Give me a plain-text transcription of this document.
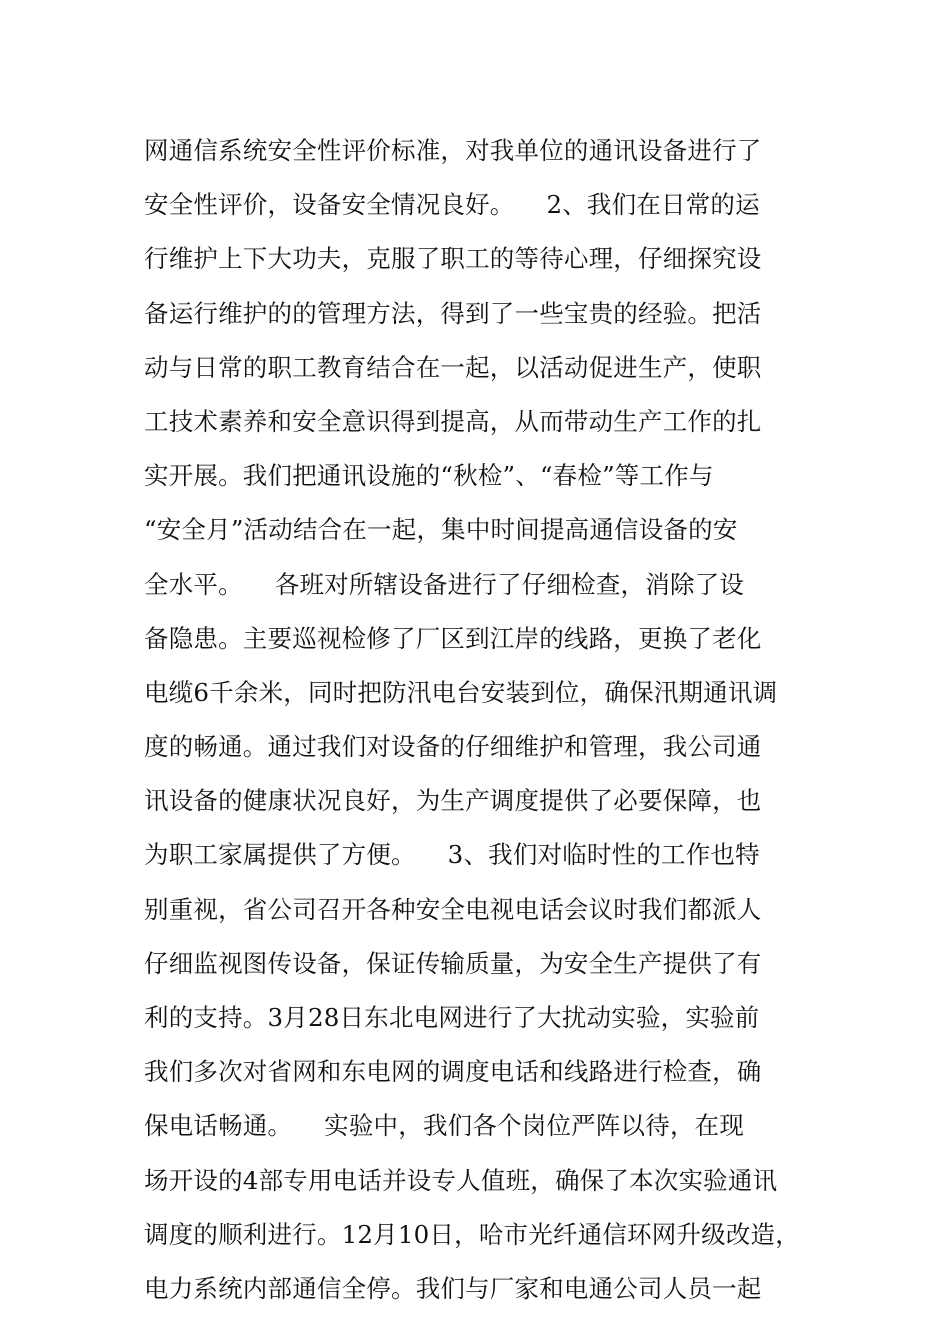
网通信系统安全性评价标准，对我单位的通讯设备进行了
安全性评价，设备安全情况良好。    2、我们在日常的运
行维护上下大功夫，克服了职工的等待心理，仔细探究设
备运行维护的的管理方法，得到了一些宝贵的经验。把活
动与日常的职工教育结合在一起，以活动促进生产，使职
工技术素养和安全意识得到提高，从而带动生产工作的扎
实开展。我们把通讯设施的“秋检”、“春检”等工作与
“安全月”活动结合在一起，集中时间提高通信设备的安
全水平。    各班对所辖设备进行了仔细检查，消除了设
备隐患。主要巡视检修了厂区到江岸的线路，更换了老化
电缆6千余米，同时把防汛电台安装到位，确保汛期通讯调
度的畅通。通过我们对设备的仔细维护和管理，我公司通
讯设备的健康状况良好，为生产调度提供了必要保障，也
为职工家属提供了方便。    3、我们对临时性的工作也特
别重视，省公司召开各种安全电视电话会议时我们都派人
仔细监视图传设备，保证传输质量，为安全生产提供了有
利的支持。3月28日东北电网进行了大扰动实验，实验前
我们多次对省网和东电网的调度电话和线路进行检查，确
保电话畅通。    实验中，我们各个岗位严阵以待，在现
场开设的4部专用电话并设专人值班，确保了本次实验通讯
调度的顺利进行。12月10日，哈市光纤通信环网升级改造，
电力系统内部通信全停。我们与厂家和电通公司人员一起
